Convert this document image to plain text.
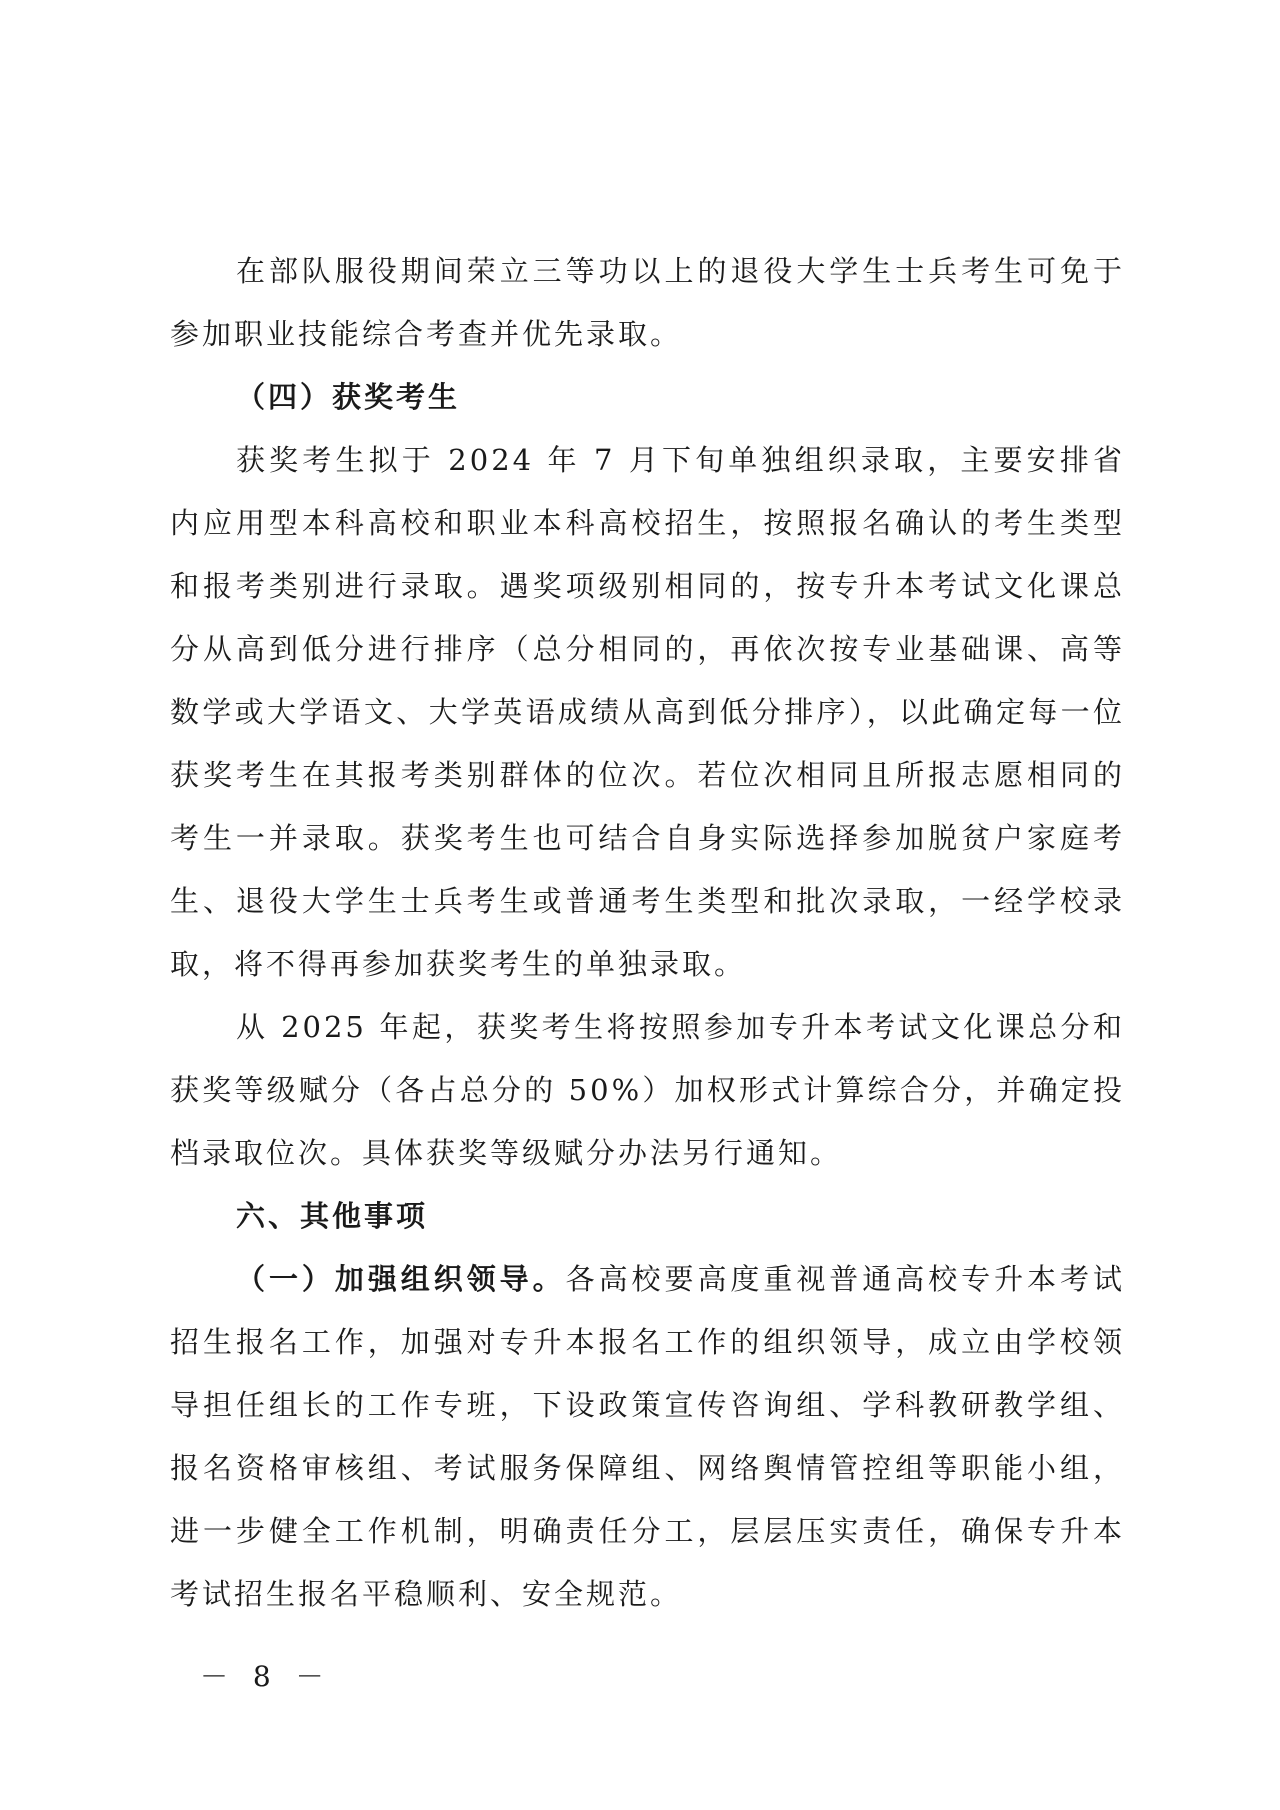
在部队服役期间荣立三等功以上的退役大学生士兵考生可免于参加职业技能综合考查并优先录取。

（四）获奖考生

获奖考生拟于 2024 年 7 月下旬单独组织录取，主要安排省内应用型本科高校和职业本科高校招生，按照报名确认的考生类型和报考类别进行录取。遇奖项级别相同的，按专升本考试文化课总分从高到低分进行排序（总分相同的，再依次按专业基础课、高等数学或大学语文、大学英语成绩从高到低分排序），以此确定每一位获奖考生在其报考类别群体的位次。若位次相同且所报志愿相同的考生一并录取。获奖考生也可结合自身实际选择参加脱贫户家庭考生、退役大学生士兵考生或普通考生类型和批次录取，一经学校录取，将不得再参加获奖考生的单独录取。

从 2025 年起，获奖考生将按照参加专升本考试文化课总分和获奖等级赋分（各占总分的 50%）加权形式计算综合分，并确定投档录取位次。具体获奖等级赋分办法另行通知。

六、其他事项

（一）加强组织领导。各高校要高度重视普通高校专升本考试招生报名工作，加强对专升本报名工作的组织领导，成立由学校领导担任组长的工作专班，下设政策宣传咨询组、学科教研教学组、报名资格审核组、考试服务保障组、网络舆情管控组等职能小组，进一步健全工作机制，明确责任分工，层层压实责任，确保专升本考试招生报名平稳顺利、安全规范。

－ 8 －
